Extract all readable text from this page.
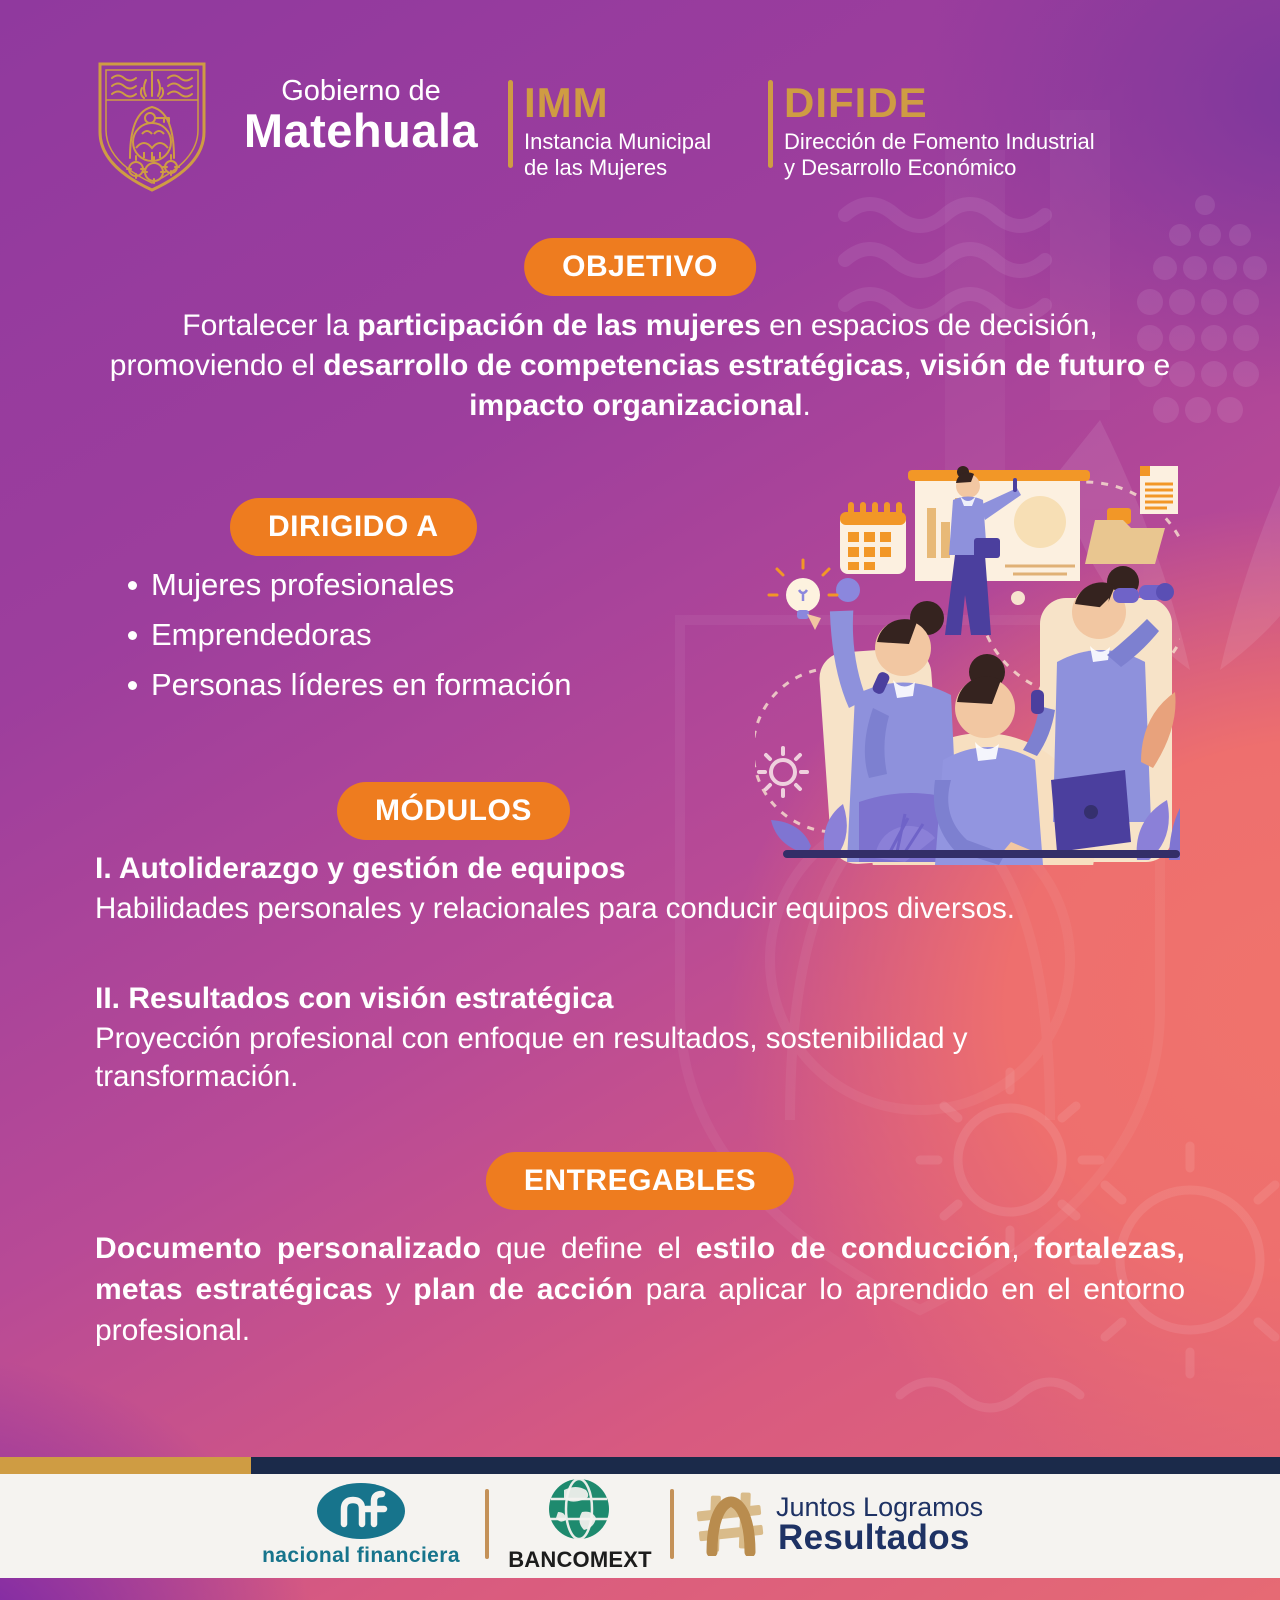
Gobierno de
Matehuala
IMM
Instancia Municipal
de las Mujeres
DIFIDE
Dirección de Fomento Industrial
y Desarrollo Económico
OBJETIVO

Fortalecer la participación de las mujeres en espacios de decisión, promoviendo el desarrollo de competencias estratégicas, visión de futuro e impacto organizacional.

DIRIGIDO A
Mujeres profesionales
Emprendedoras
Personas líderes en formación
MÓDULOS
I. Autoliderazgo y gestión de equipos
Habilidades personales y relacionales para conducir equipos diversos.
II. Resultados con visión estratégica
Proyección profesional con enfoque en resultados, sostenibilidad y transformación.
ENTREGABLES

Documento personalizado que define el estilo de conducción, fortalezas, metas estratégicas y plan de acción para aplicar lo aprendido en el entorno profesional.

nacional financiera	BANCOMEXT
Juntos Logramos
Resultados
